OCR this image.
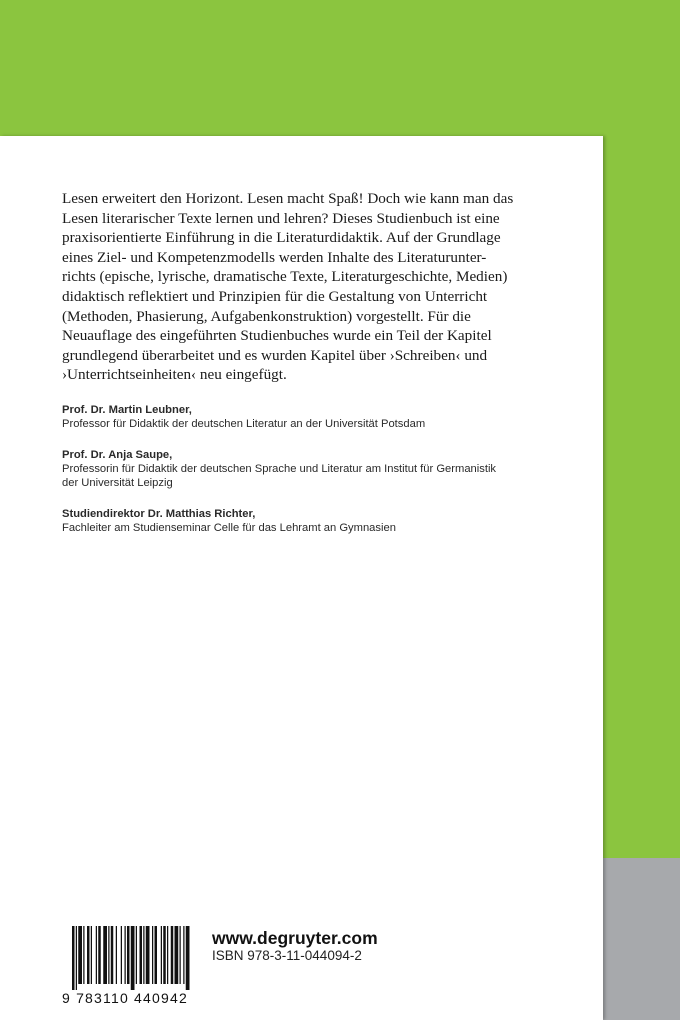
Lesen erweitert den Horizont. Lesen macht Spaß! Doch wie kann man das
Lesen literarischer Texte lernen und lehren? Dieses Studienbuch ist eine
praxisorientierte Einführung in die Literaturdidaktik. Auf der Grundlage
eines Ziel- und Kompetenzmodells werden Inhalte des Literaturunter-
richts (epische, lyrische, dramatische Texte, Literaturgeschichte, Medien)
didaktisch reflektiert und Prinzipien für die Gestaltung von Unterricht
(Methoden, Phasierung, Aufgabenkonstruktion) vorgestellt. Für die
Neuauflage des eingeführten Studienbuches wurde ein Teil der Kapitel
grundlegend überarbeitet und es wurden Kapitel über ›Schreiben‹ und
›Unterrichtseinheiten‹ neu eingefügt.
Prof. Dr. Martin Leubner,
Professor für Didaktik der deutschen Literatur an der Universität Potsdam
Prof. Dr. Anja Saupe,
Professorin für Didaktik der deutschen Sprache und Literatur am Institut für Germanistik
der Universität Leipzig
Studiendirektor Dr. Matthias Richter,
Fachleiter am Studienseminar Celle für das Lehramt an Gymnasien
9 783110 440942
www.degruyter.com
ISBN 978-3-11-044094-2
